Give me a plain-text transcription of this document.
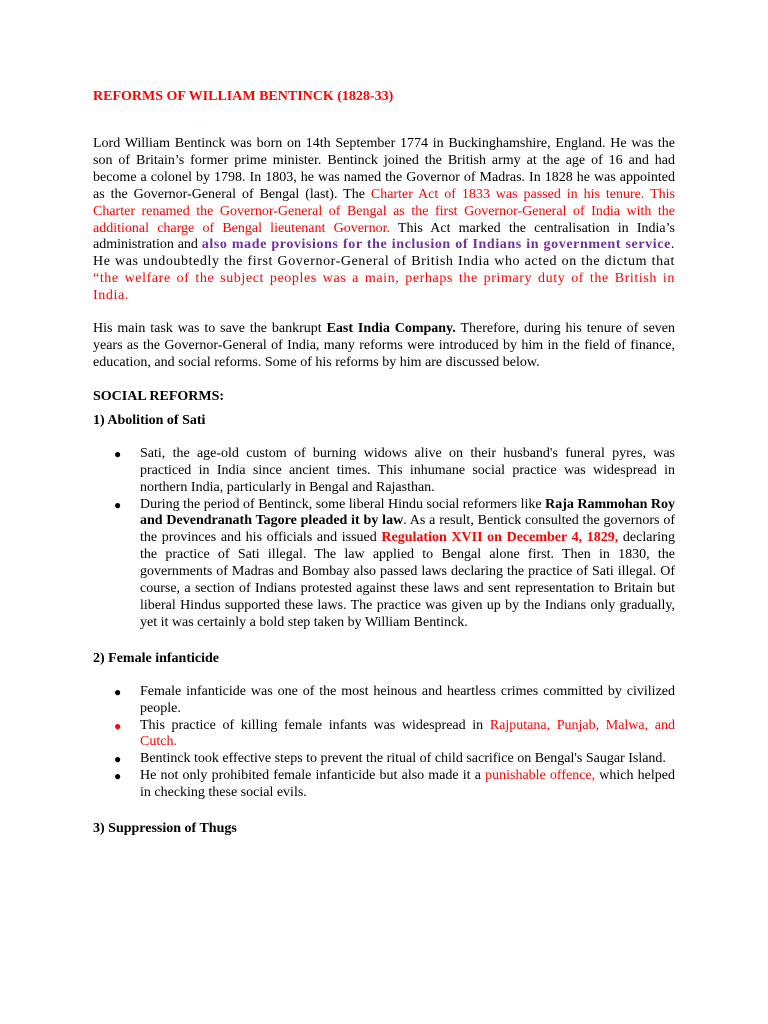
REFORMS OF WILLIAM BENTINCK (1828-33)

Lord William Bentinck was born on 14th September 1774 in Buckinghamshire, England. He was the son of Britain’s former prime minister. Bentinck joined the British army at the age of 16 and had become a colonel by 1798. In 1803, he was named the Governor of Madras. In 1828 he was appointed as the Governor-General of Bengal (last). The Charter Act of 1833 was passed in his tenure. This Charter renamed the Governor-General of Bengal as the first Governor-General of India with the additional charge of Bengal lieutenant Governor. This Act marked the centralisation in India’s administration and also made provisions for the inclusion of Indians in government service. He was undoubtedly the first Governor-General of British India who acted on the dictum that “the welfare of the subject peoples was a main, perhaps the primary duty of the British in India.

His main task was to save the bankrupt East India Company. Therefore, during his tenure of seven years as the Governor-General of India, many reforms were introduced by him in the field of finance, education, and social reforms. Some of his reforms by him are discussed below.

SOCIAL REFORMS:
1) Abolition of Sati
● Sati, the age-old custom of burning widows alive on their husband's funeral pyres, was practiced in India since ancient times. This inhumane social practice was widespread in northern India, particularly in Bengal and Rajasthan.
● During the period of Bentinck, some liberal Hindu social reformers like Raja Rammohan Roy and Devendranath Tagore pleaded it by law. As a result, Bentick consulted the governors of the provinces and his officials and issued Regulation XVII on December 4, 1829, declaring the practice of Sati illegal. The law applied to Bengal alone first. Then in 1830, the governments of Madras and Bombay also passed laws declaring the practice of Sati illegal. Of course, a section of Indians protested against these laws and sent representation to Britain but liberal Hindus supported these laws. The practice was given up by the Indians only gradually, yet it was certainly a bold step taken by William Bentinck.
2) Female infanticide
● Female infanticide was one of the most heinous and heartless crimes committed by civilized people.
● This practice of killing female infants was widespread in Rajputana, Punjab, Malwa, and Cutch.
● Bentinck took effective steps to prevent the ritual of child sacrifice on Bengal's Saugar Island.
● He not only prohibited female infanticide but also made it a punishable offence, which helped in checking these social evils.
3) Suppression of Thugs
